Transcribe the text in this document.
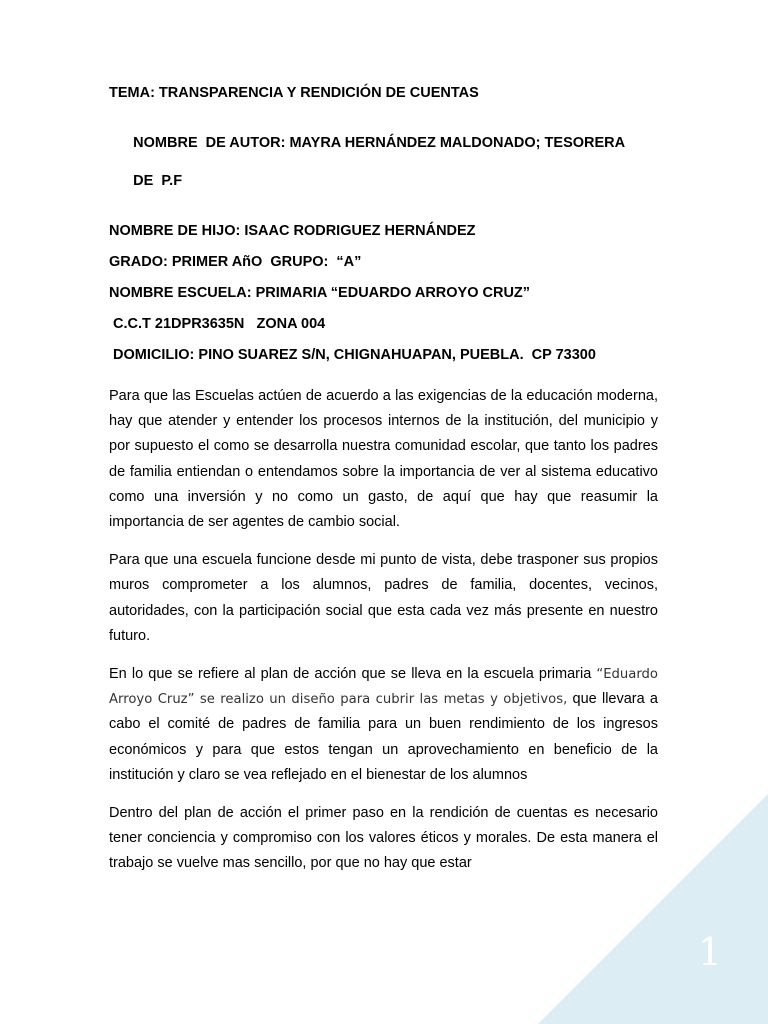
TEMA: TRANSPARENCIA Y RENDICIÓN DE CUENTAS

NOMBRE  DE AUTOR: MAYRA HERNÁNDEZ MALDONADO; TESORERA

DE  P.F

NOMBRE DE HIJO: ISAAC RODRIGUEZ HERNÁNDEZ
GRADO: PRIMER AñO  GRUPO:  “A”
NOMBRE ESCUELA: PRIMARIA “EDUARDO ARROYO CRUZ”
C.C.T 21DPR3635N   ZONA 004
DOMICILIO: PINO SUAREZ S/N, CHIGNAHUAPAN, PUEBLA.  CP 73300

Para que las Escuelas actúen de acuerdo a las exigencias de la educación moderna, hay que atender y entender los procesos internos de la institución, del municipio y por supuesto el como se desarrolla nuestra comunidad escolar, que tanto los padres de familia entiendan o entendamos sobre la importancia de ver al sistema educativo como una inversión y no como un gasto, de aquí que hay que reasumir la importancia de ser agentes de cambio social.

Para que una escuela funcione desde mi punto de vista, debe trasponer sus propios muros comprometer a los alumnos, padres de familia, docentes, vecinos, autoridades, con la participación social que esta cada vez más presente en nuestro futuro.

En lo que se refiere al plan de acción que se lleva en la escuela primaria “Eduardo Arroyo Cruz” se realizo un diseño para cubrir las metas y objetivos, que llevara a cabo el comité de padres de familia para un buen rendimiento de los ingresos económicos y para que estos tengan un aprovechamiento en beneficio de la institución y claro se vea reflejado en el bienestar de los alumnos

Dentro del plan de acción el primer paso en la rendición de cuentas es necesario tener conciencia y compromiso con los valores éticos y morales. De esta manera el trabajo se vuelve mas sencillo, por que no hay que estar

1
